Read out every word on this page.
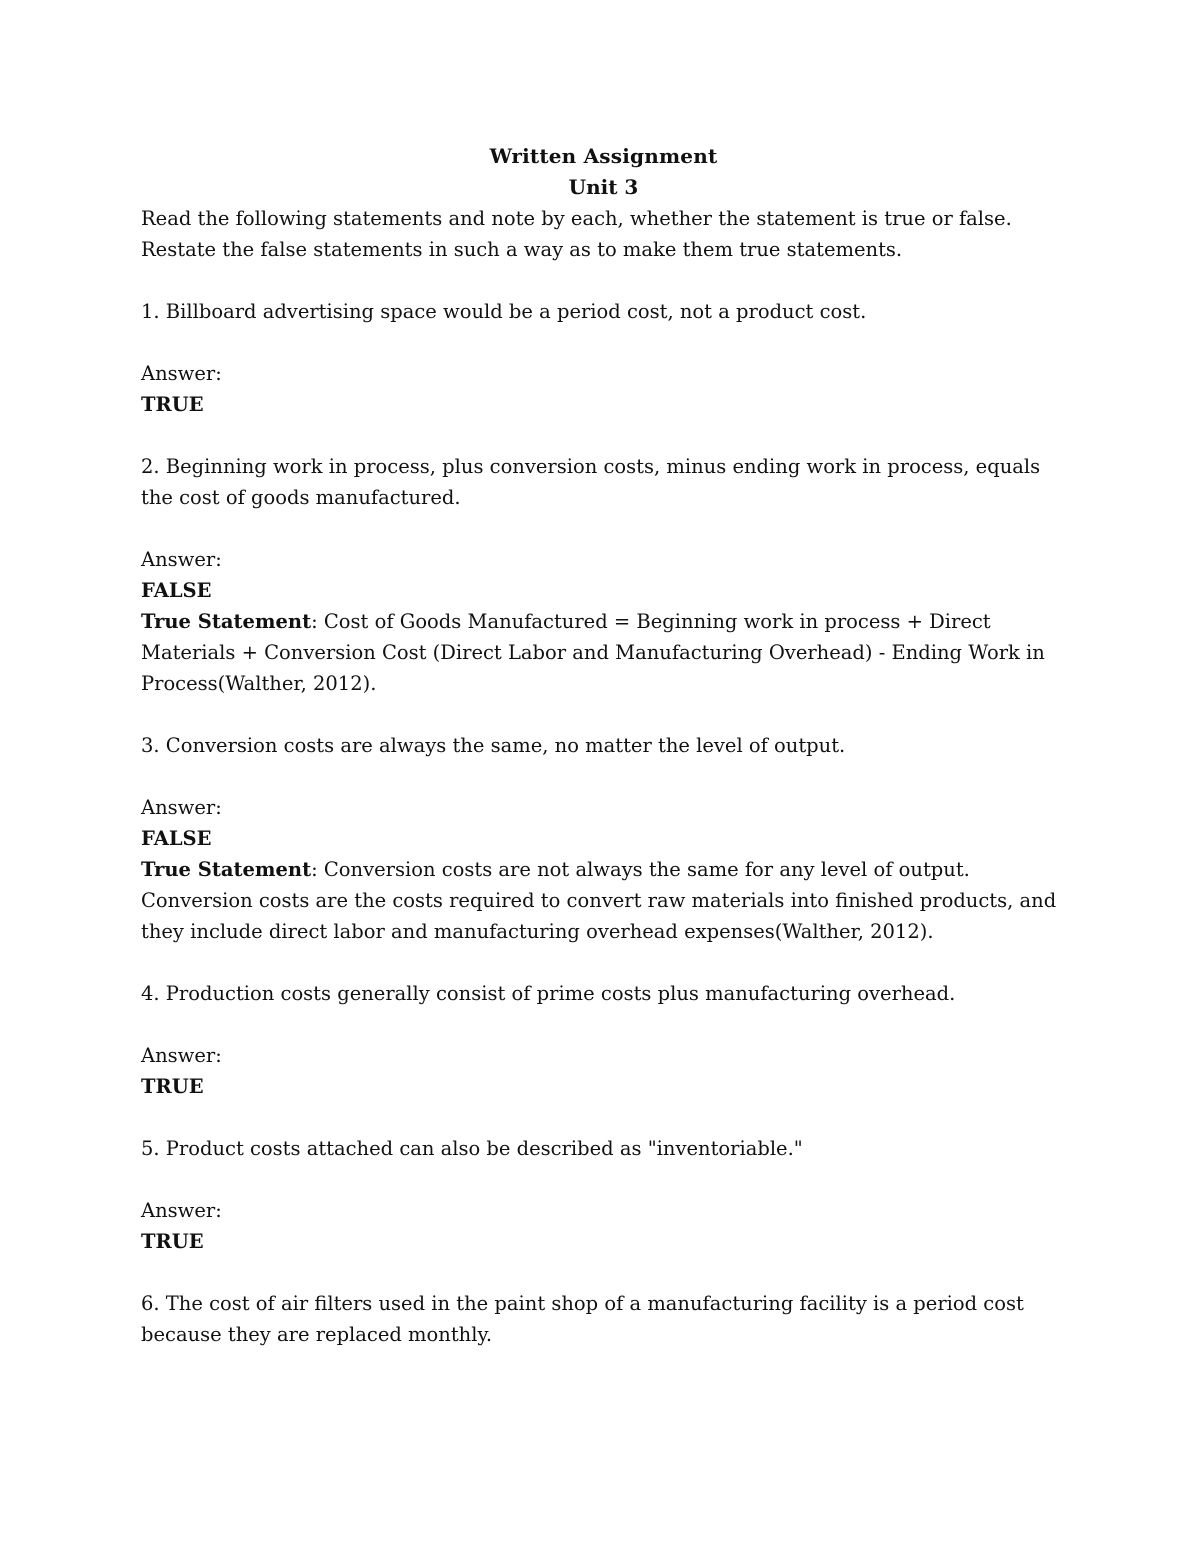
Written Assignment

Unit 3

Read the following statements and note by each, whether the statement is true or false. Restate the false statements in such a way as to make them true statements.

1. Billboard advertising space would be a period cost, not a product cost.

Answer:

TRUE

2. Beginning work in process, plus conversion costs, minus ending work in process, equals the cost of goods manufactured.

Answer:

FALSE

True Statement: Cost of Goods Manufactured = Beginning work in process + Direct Materials + Conversion Cost (Direct Labor and Manufacturing Overhead) - Ending Work in Process(Walther, 2012).

3. Conversion costs are always the same, no matter the level of output.

Answer:

FALSE

True Statement: Conversion costs are not always the same for any level of output. Conversion costs are the costs required to convert raw materials into finished products, and they include direct labor and manufacturing overhead expenses(Walther, 2012).

4. Production costs generally consist of prime costs plus manufacturing overhead.

Answer:

TRUE

5. Product costs attached can also be described as "inventoriable."

Answer:

TRUE

6. The cost of air filters used in the paint shop of a manufacturing facility is a period cost because they are replaced monthly.
